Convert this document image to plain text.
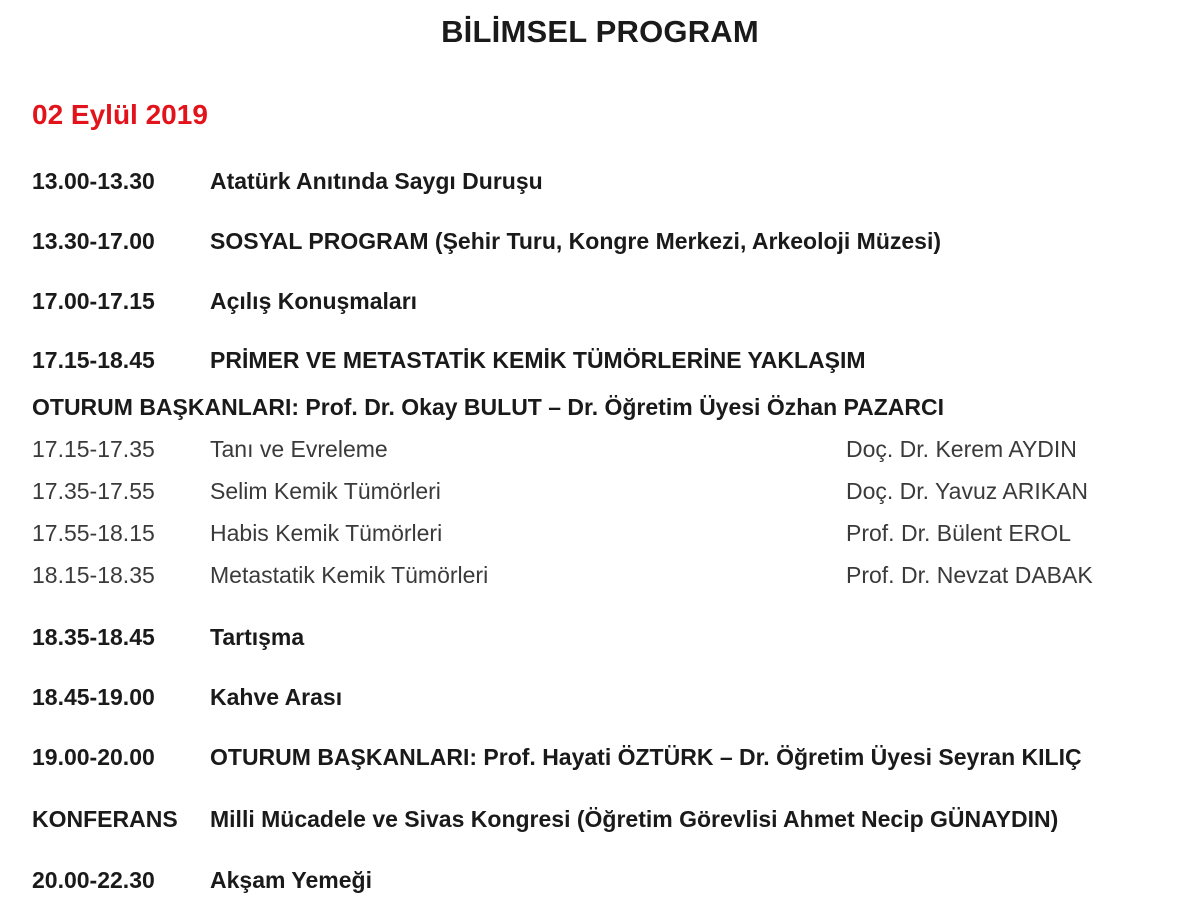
BİLİMSEL PROGRAM
02 Eylül 2019
13.00-13.30 Atatürk Anıtında Saygı Duruşu
13.30-17.00 SOSYAL PROGRAM (Şehir Turu, Kongre Merkezi, Arkeoloji Müzesi)
17.00-17.15 Açılış Konuşmaları
17.15-18.45 PRİMER VE METASTATİK KEMİK TÜMÖRLERİNE YAKLAŞIM
OTURUM BAŞKANLARI: Prof. Dr. Okay BULUT – Dr. Öğretim Üyesi Özhan PAZARCI
17.15-17.35 Tanı ve Evreleme	Doç. Dr. Kerem AYDIN
17.35-17.55 Selim Kemik Tümörleri	Doç. Dr. Yavuz ARIKAN
17.55-18.15 Habis Kemik Tümörleri	Prof. Dr. Bülent EROL
18.15-18.35 Metastatik Kemik Tümörleri	Prof. Dr. Nevzat DABAK
18.35-18.45 Tartışma
18.45-19.00 Kahve Arası
19.00-20.00 OTURUM BAŞKANLARI: Prof. Hayati ÖZTÜRK – Dr. Öğretim Üyesi Seyran KILIÇ
KONFERANS Milli Mücadele ve Sivas Kongresi (Öğretim Görevlisi Ahmet Necip GÜNAYDIN)
20.00-22.30 Akşam Yemeği
